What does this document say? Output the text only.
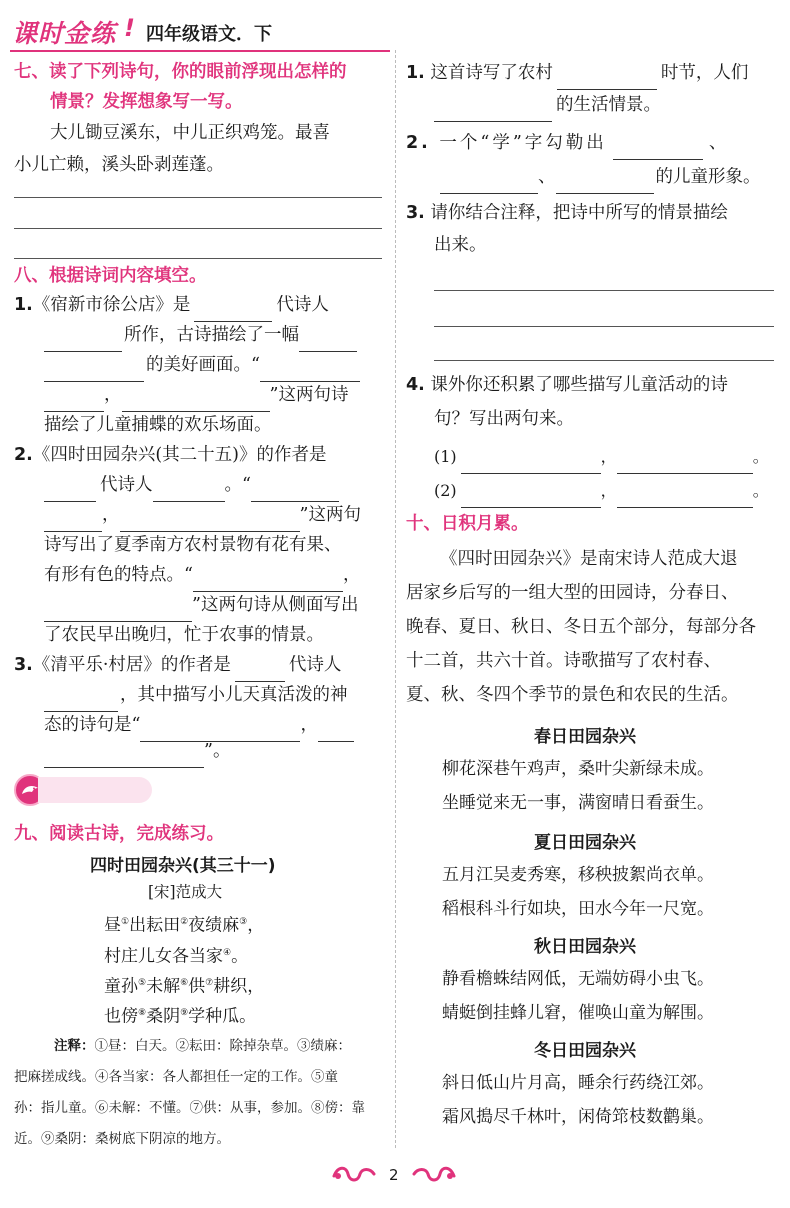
课时金练 ! 四年级语文．下
七、读了下列诗句，你的眼前浮现出怎样的
情景？发挥想象写一写。
大儿锄豆溪东，中儿正织鸡笼。最喜
小儿亡赖，溪头卧剥莲蓬。
八、根据诗词内容填空。
1.《宿新市徐公店》是	代诗人
所作，古诗描绘了一幅
的美好画面。“
，	”这两句诗
描绘了儿童捕蝶的欢乐场面。
2.《四时田园杂兴(其二十五)》的作者是
代诗人	。“
，	”这两句
诗写出了夏季南方农村景物有花有果、
有形有色的特点。“	，
”这两句诗从侧面写出
了农民早出晚归，忙于农事的情景。
3.《清平乐·村居》的作者是	代诗人
，其中描写小儿天真活泼的神
态的诗句是“	，
”。
九、阅读古诗，完成练习。
四时田园杂兴(其三十一)
[宋]范成大
昼①出耘田②夜绩麻③，
村庄儿女各当家④。
童孙⑤未解⑥供⑦耕织，
也傍⑧桑阴⑨学种瓜。
注释：①昼：白天。②耘田：除掉杂草。③绩麻：
把麻搓成线。④各当家：各人都担任一定的工作。⑤童
孙：指儿童。⑥未解：不懂。⑦供：从事，参加。⑧傍：靠
近。⑨桑阴：桑树底下阴凉的地方。
1. 这首诗写了农村	时节，人们
的生活情景。
2. 一个“学”字勾勒出	、
、	的儿童形象。
3. 请你结合注释，把诗中所写的情景描绘
出来。
4. 课外你还积累了哪些描写儿童活动的诗
句？写出两句来。
(1)	，	。
(2)	，	。
十、日积月累。
《四时田园杂兴》是南宋诗人范成大退
居家乡后写的一组大型的田园诗，分春日、
晚春、夏日、秋日、冬日五个部分，每部分各
十二首，共六十首。诗歌描写了农村春、
夏、秋、冬四个季节的景色和农民的生活。
春日田园杂兴
柳花深巷午鸡声，桑叶尖新绿未成。
坐睡觉来无一事，满窗晴日看蚕生。
夏日田园杂兴
五月江吴麦秀寒，移秧披絮尚衣单。
稻根科斗行如块，田水今年一尺宽。
秋日田园杂兴
静看檐蛛结网低，无端妨碍小虫飞。
蜻蜓倒挂蜂儿窘，催唤山童为解围。
冬日田园杂兴
斜日低山片月高，睡余行药绕江郊。
霜风搗尽千林叶，闲倚筇枝数鹳巢。
2
